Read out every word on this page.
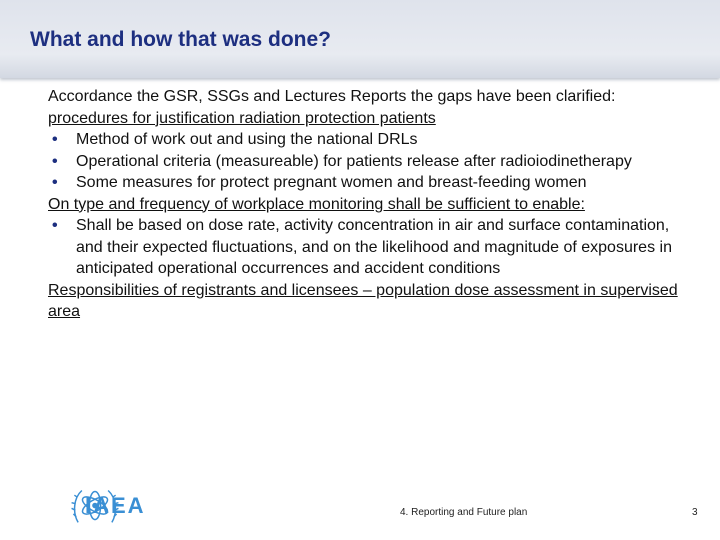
What and how that was done?
Accordance the GSR, SSGs and Lectures Reports the gaps have been clarified:
procedures for justification radiation protection patients
• Method of work out and using the national DRLs
• Operational criteria (measureable) for patients release after radioiodinetherapy
• Some measures for protect pregnant women and breast-feeding women
On type and frequency of workplace monitoring shall be sufficient to enable:
• Shall be based on dose rate, activity concentration in air and surface contamination, and their expected fluctuations, and on the likelihood and magnitude of exposures in anticipated operational occurrences and accident conditions
Responsibilities of registrants and licensees – population dose assessment in supervised area
IAEA	4. Reporting and Future plan	3
